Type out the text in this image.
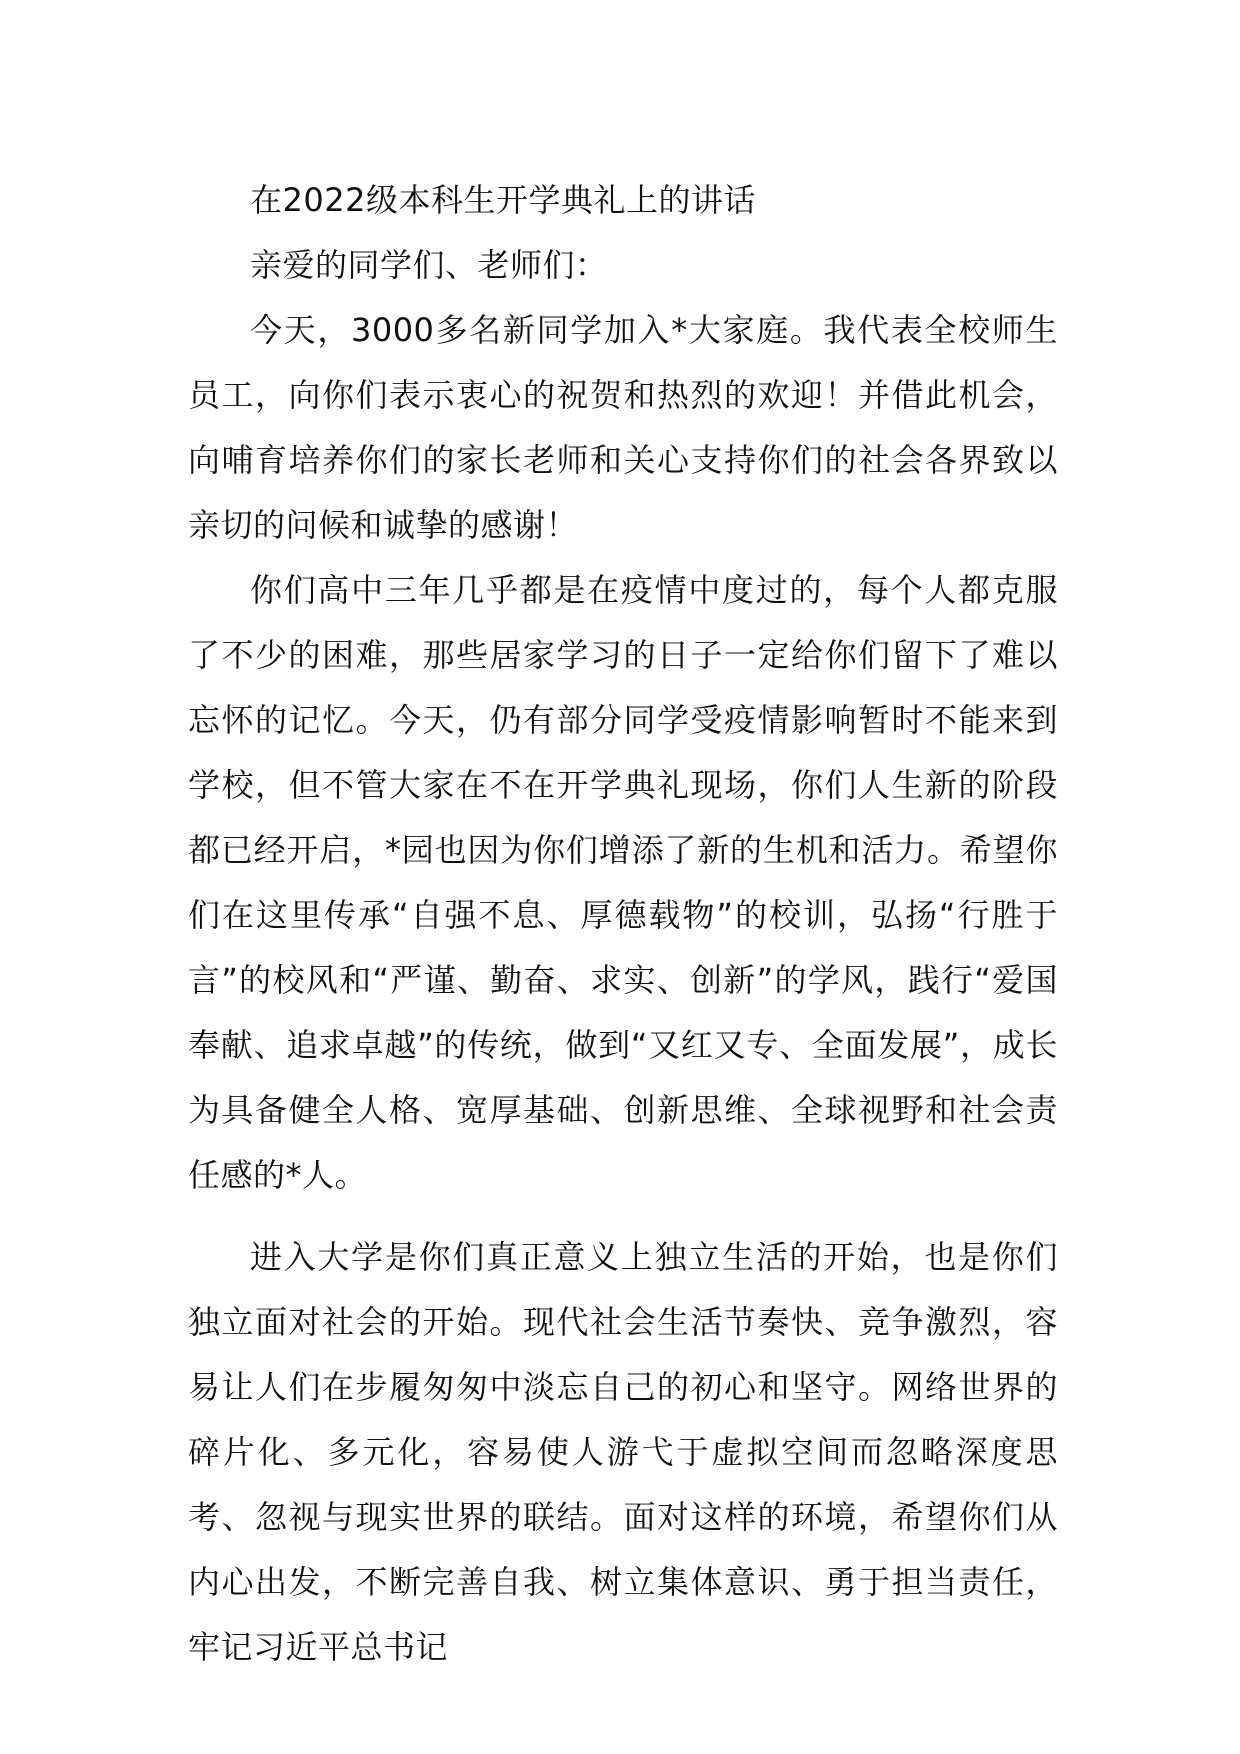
在2022级本科生开学典礼上的讲话

亲爱的同学们、老师们：

今天，3000多名新同学加入*大家庭。我代表全校师生员工，向你们表示衷心的祝贺和热烈的欢迎！并借此机会，向哺育培养你们的家长老师和关心支持你们的社会各界致以亲切的问候和诚挚的感谢！

你们高中三年几乎都是在疫情中度过的，每个人都克服了不少的困难，那些居家学习的日子一定给你们留下了难以忘怀的记忆。今天，仍有部分同学受疫情影响暂时不能来到学校，但不管大家在不在开学典礼现场，你们人生新的阶段都已经开启，*园也因为你们增添了新的生机和活力。希望你们在这里传承“自强不息、厚德载物”的校训，弘扬“行胜于言”的校风和“严谨、勤奋、求实、创新”的学风，践行“爱国奉献、追求卓越”的传统，做到“又红又专、全面发展”，成长为具备健全人格、宽厚基础、创新思维、全球视野和社会责任感的*人。

进入大学是你们真正意义上独立生活的开始，也是你们独立面对社会的开始。现代社会生活节奏快、竞争激烈，容易让人们在步履匆匆中淡忘自己的初心和坚守。网络世界的碎片化、多元化，容易使人游弋于虚拟空间而忽略深度思考、忽视与现实世界的联结。面对这样的环境，希望你们从内心出发，不断完善自我、树立集体意识、勇于担当责任，牢记习近平总书记
